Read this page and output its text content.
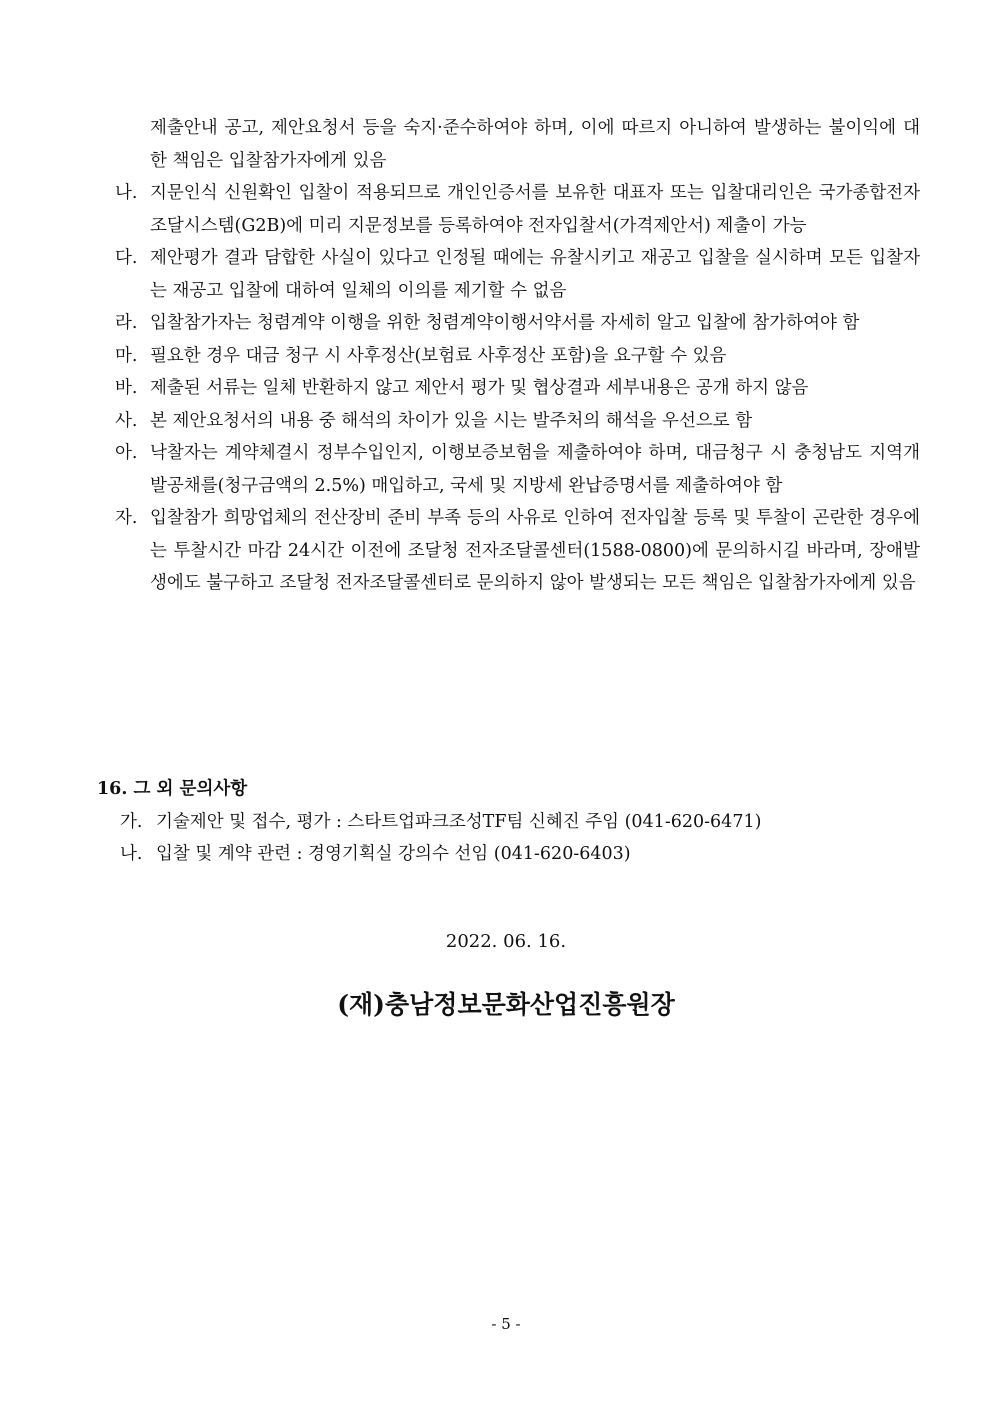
제출안내 공고, 제안요청서 등을 숙지·준수하여야 하며, 이에 따르지 아니하여 발생하는 불이익에 대한 책임은 입찰참가자에게 있음
나. 지문인식 신원확인 입찰이 적용되므로 개인인증서를 보유한 대표자 또는 입찰대리인은 국가종합전자조달시스템(G2B)에 미리 지문정보를 등록하여야 전자입찰서(가격제안서) 제출이 가능
다. 제안평가 결과 담합한 사실이 있다고 인정될 때에는 유찰시키고 재공고 입찰을 실시하며 모든 입찰자는 재공고 입찰에 대하여 일체의 이의를 제기할 수 없음
라. 입찰참가자는 청렴계약 이행을 위한 청렴계약이행서약서를 자세히 알고 입찰에 참가하여야 함
마. 필요한 경우 대금 청구 시 사후정산(보험료 사후정산 포함)을 요구할 수 있음
바. 제출된 서류는 일체 반환하지 않고 제안서 평가 및 협상결과 세부내용은 공개 하지 않음
사. 본 제안요청서의 내용 중 해석의 차이가 있을 시는 발주처의 해석을 우선으로 함
아. 낙찰자는 계약체결시 정부수입인지, 이행보증보험을 제출하여야 하며, 대금청구 시 충청남도 지역개발공채를(청구금액의 2.5%) 매입하고, 국세 및 지방세 완납증명서를 제출하여야 함
자. 입찰참가 희망업체의 전산장비 준비 부족 등의 사유로 인하여 전자입찰 등록 및 투찰이 곤란한 경우에는 투찰시간 마감 24시간 이전에 조달청 전자조달콜센터(1588-0800)에 문의하시길 바라며, 장애발생에도 불구하고 조달청 전자조달콜센터로 문의하지 않아 발생되는 모든 책임은 입찰참가자에게 있음
16. 그 외 문의사항
가. 기술제안 및 접수, 평가 : 스타트업파크조성TF팀 신혜진 주임 (041-620-6471)
나. 입찰 및 계약 관련 : 경영기획실 강의수 선임 (041-620-6403)
2022. 06. 16.
(재)충남정보문화산업진흥원장
- 5 -
